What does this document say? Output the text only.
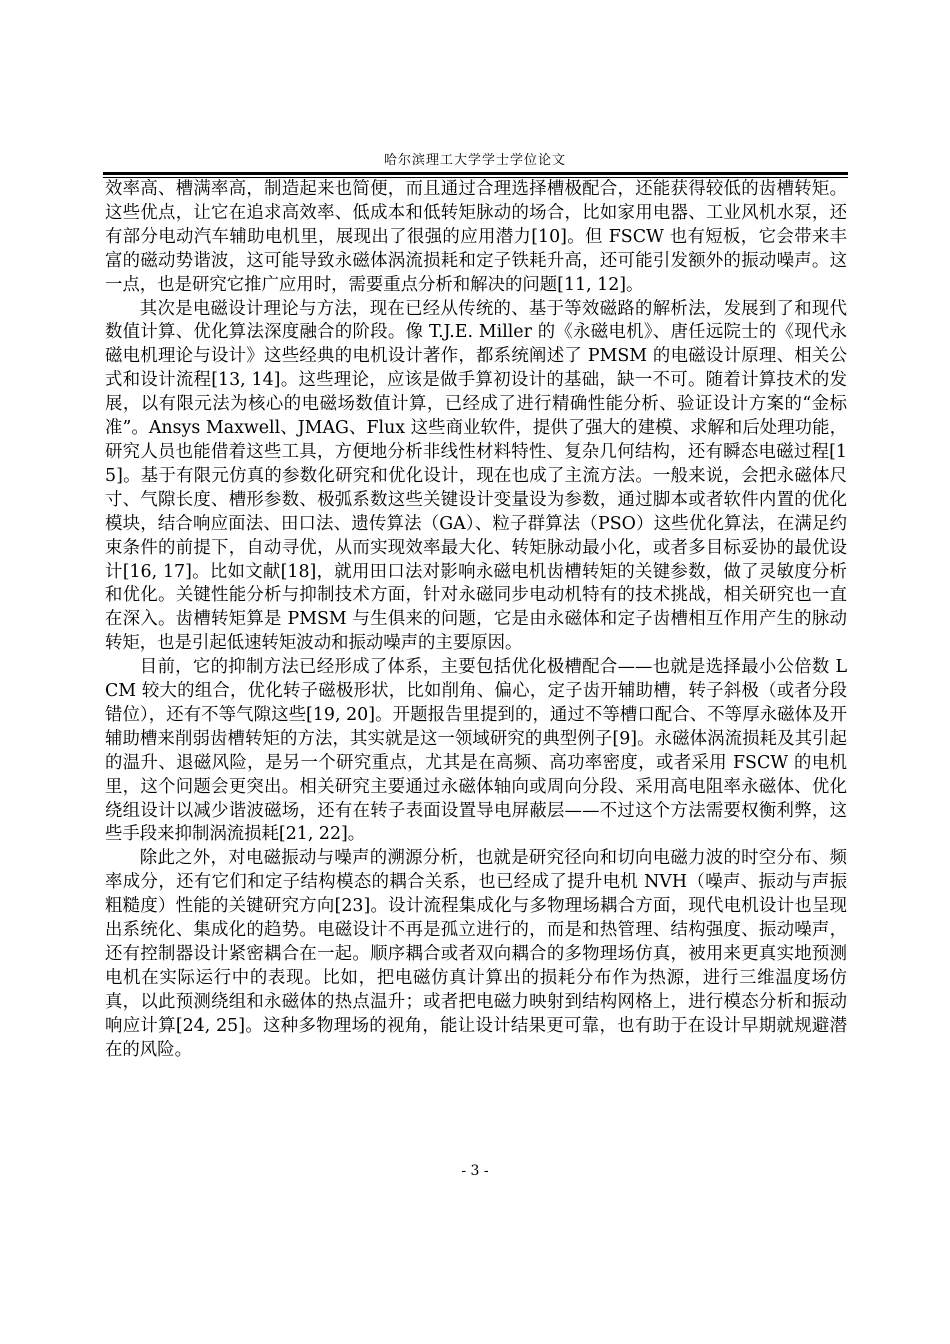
哈尔滨理工大学学士学位论文

效率高、槽满率高，制造起来也简便，而且通过合理选择槽极配合，还能获得较低的齿槽转矩。这些优点，让它在追求高效率、低成本和低转矩脉动的场合，比如家用电器、工业风机水泵，还有部分电动汽车辅助电机里，展现出了很强的应用潜力[10]。但 FSCW 也有短板，它会带来丰富的磁动势谐波，这可能导致永磁体涡流损耗和定子铁耗升高，还可能引发额外的振动噪声。这一点，也是研究它推广应用时，需要重点分析和解决的问题[11, 12]。

其次是电磁设计理论与方法，现在已经从传统的、基于等效磁路的解析法，发展到了和现代数值计算、优化算法深度融合的阶段。像 T.J.E. Miller 的《永磁电机》、唐任远院士的《现代永磁电机理论与设计》这些经典的电机设计著作，都系统阐述了 PMSM 的电磁设计原理、相关公式和设计流程[13, 14]。这些理论，应该是做手算初设计的基础，缺一不可。随着计算技术的发展，以有限元法为核心的电磁场数值计算，已经成了进行精确性能分析、验证设计方案的“金标准”。Ansys Maxwell、JMAG、Flux 这些商业软件，提供了强大的建模、求解和后处理功能，研究人员也能借着这些工具，方便地分析非线性材料特性、复杂几何结构，还有瞬态电磁过程[15]。基于有限元仿真的参数化研究和优化设计，现在也成了主流方法。一般来说，会把永磁体尺寸、气隙长度、槽形参数、极弧系数这些关键设计变量设为参数，通过脚本或者软件内置的优化模块，结合响应面法、田口法、遗传算法（GA）、粒子群算法（PSO）这些优化算法，在满足约束条件的前提下，自动寻优，从而实现效率最大化、转矩脉动最小化，或者多目标妥协的最优设计[16, 17]。比如文献[18]，就用田口法对影响永磁电机齿槽转矩的关键参数，做了灵敏度分析和优化。关键性能分析与抑制技术方面，针对永磁同步电动机特有的技术挑战，相关研究也一直在深入。齿槽转矩算是 PMSM 与生俱来的问题，它是由永磁体和定子齿槽相互作用产生的脉动转矩，也是引起低速转矩波动和振动噪声的主要原因。

目前，它的抑制方法已经形成了体系，主要包括优化极槽配合——也就是选择最小公倍数 LCM 较大的组合，优化转子磁极形状，比如削角、偏心，定子齿开辅助槽，转子斜极（或者分段错位），还有不等气隙这些[19, 20]。开题报告里提到的，通过不等槽口配合、不等厚永磁体及开辅助槽来削弱齿槽转矩的方法，其实就是这一领域研究的典型例子[9]。永磁体涡流损耗及其引起的温升、退磁风险，是另一个研究重点，尤其是在高频、高功率密度，或者采用 FSCW 的电机里，这个问题会更突出。相关研究主要通过永磁体轴向或周向分段、采用高电阻率永磁体、优化绕组设计以减少谐波磁场，还有在转子表面设置导电屏蔽层——不过这个方法需要权衡利弊，这些手段来抑制涡流损耗[21, 22]。

除此之外，对电磁振动与噪声的溯源分析，也就是研究径向和切向电磁力波的时空分布、频率成分，还有它们和定子结构模态的耦合关系，也已经成了提升电机 NVH（噪声、振动与声振粗糙度）性能的关键研究方向[23]。设计流程集成化与多物理场耦合方面，现代电机设计也呈现出系统化、集成化的趋势。电磁设计不再是孤立进行的，而是和热管理、结构强度、振动噪声，还有控制器设计紧密耦合在一起。顺序耦合或者双向耦合的多物理场仿真，被用来更真实地预测电机在实际运行中的表现。比如，把电磁仿真计算出的损耗分布作为热源，进行三维温度场仿真，以此预测绕组和永磁体的热点温升；或者把电磁力映射到结构网格上，进行模态分析和振动响应计算[24, 25]。这种多物理场的视角，能让设计结果更可靠，也有助于在设计早期就规避潜在的风险。

- 3 -
